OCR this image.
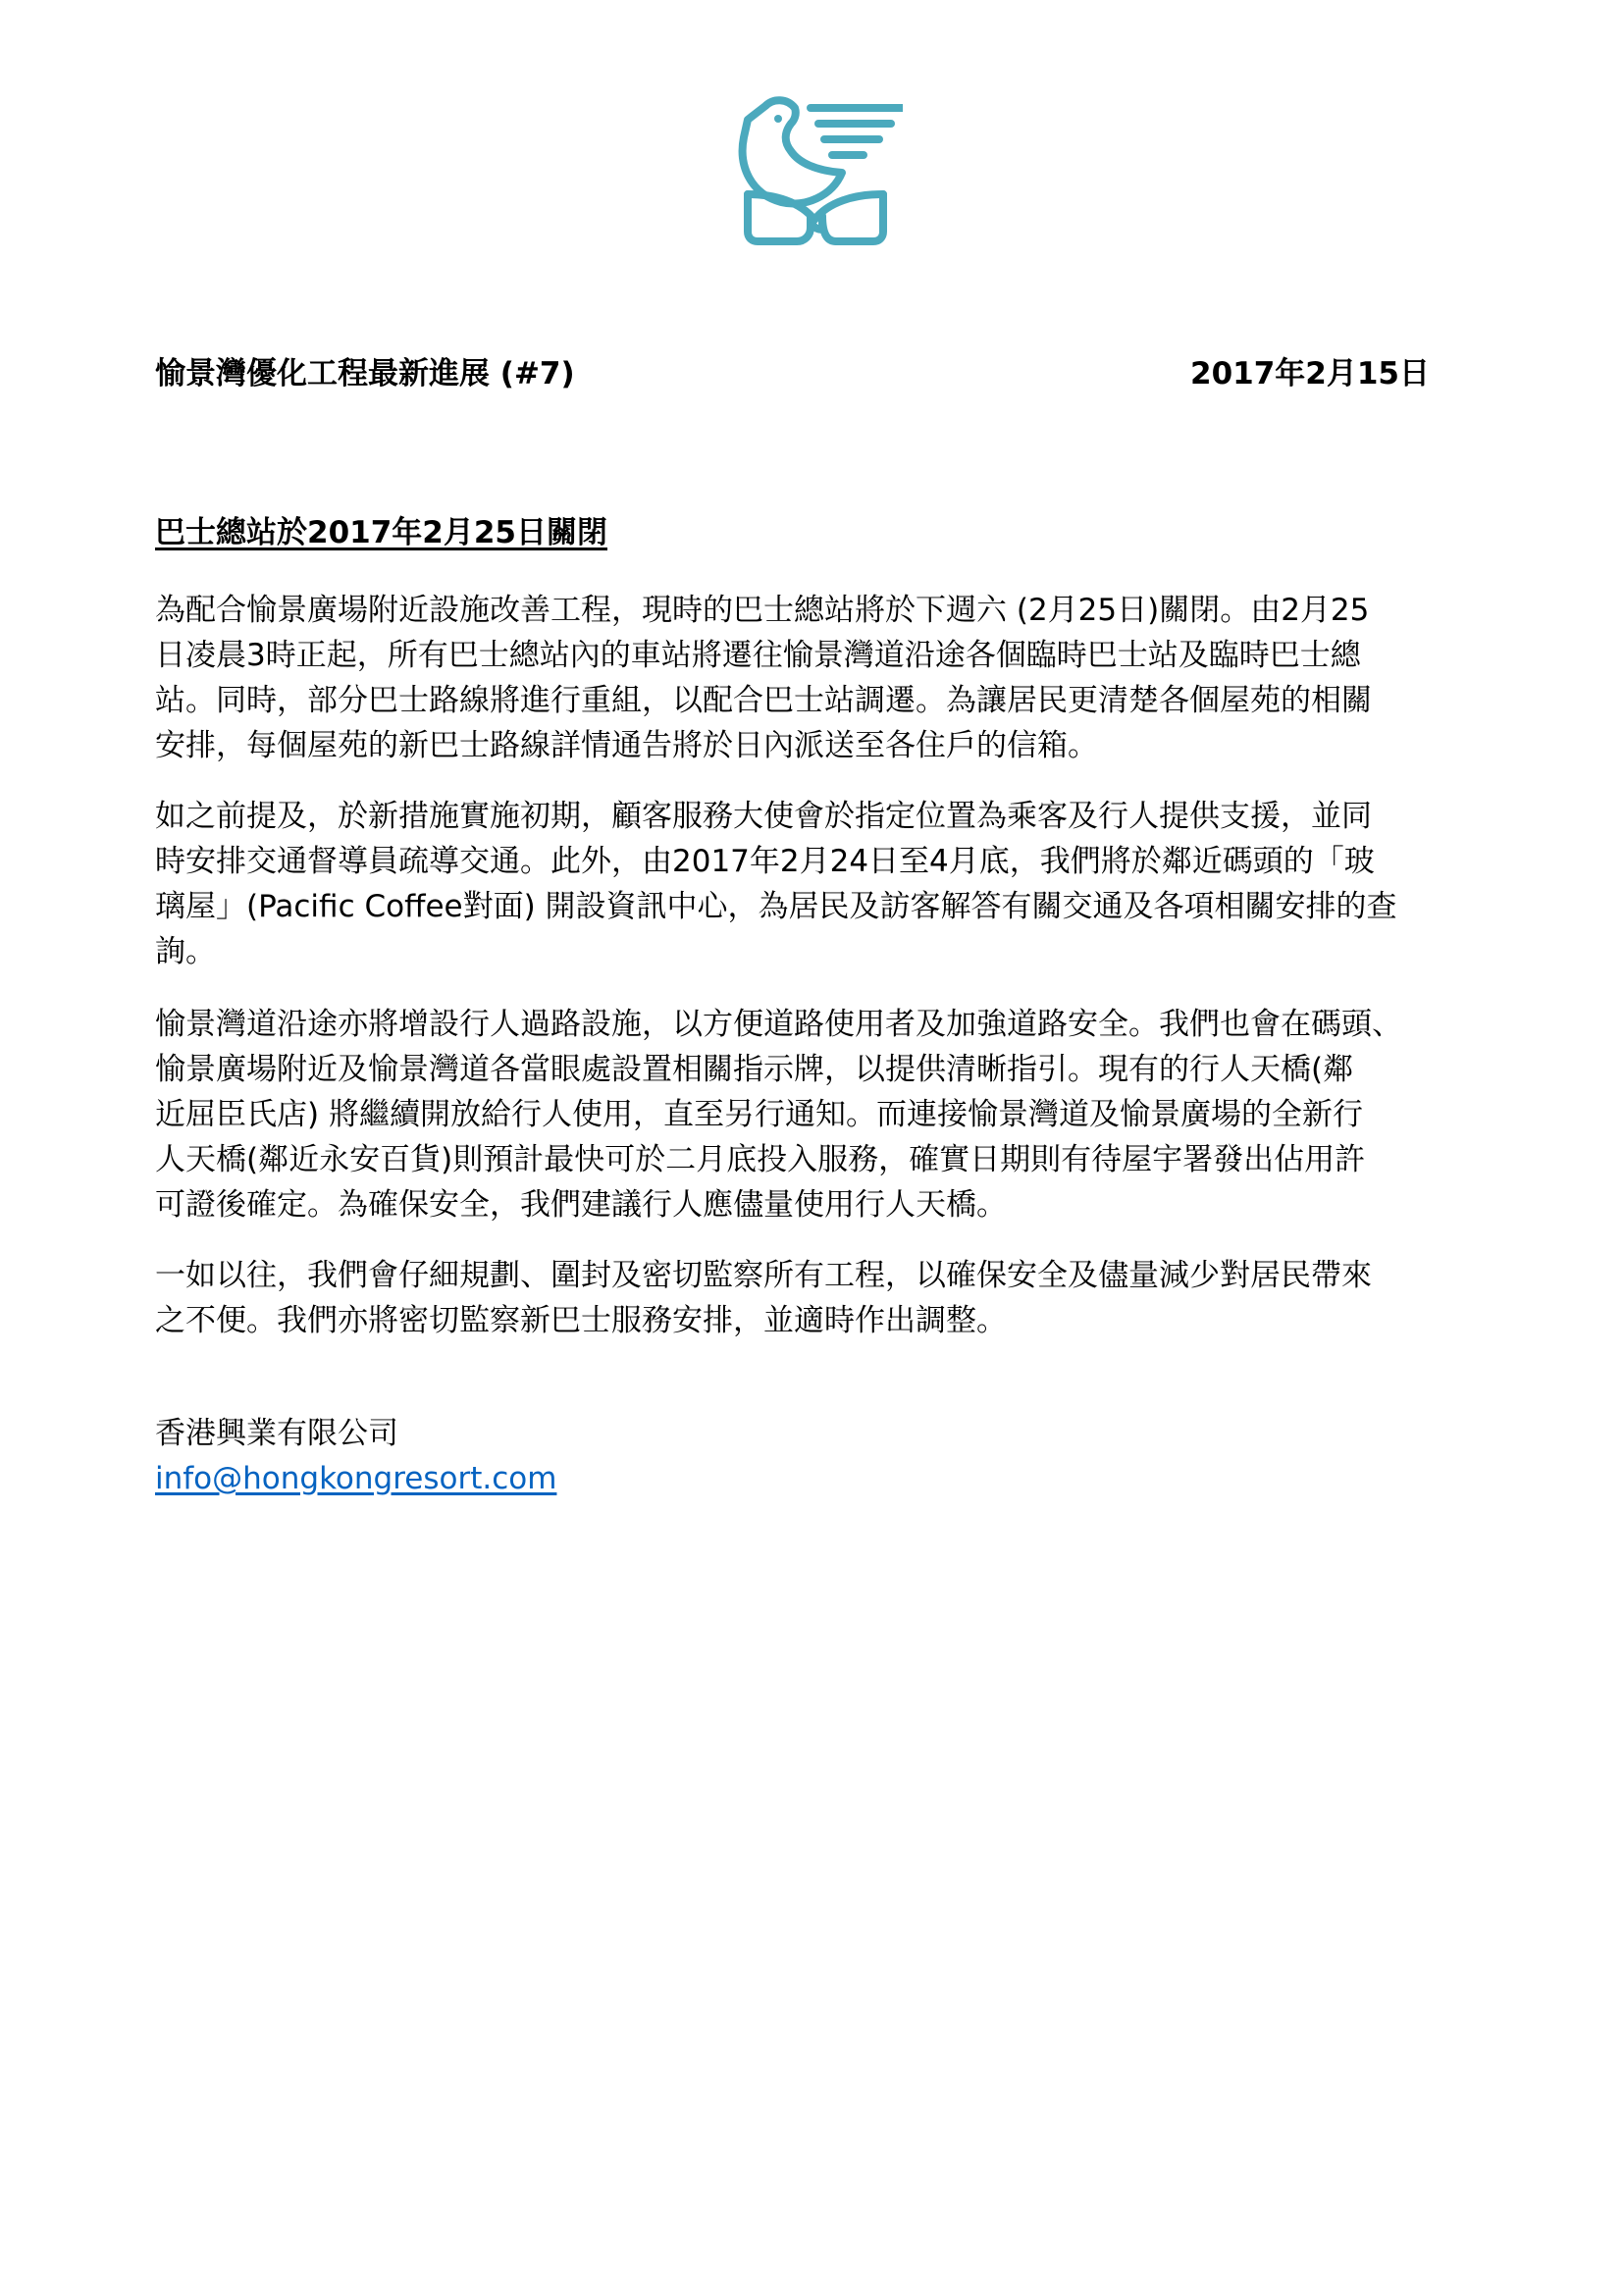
愉景灣優化工程最新進展 (#7)	2017年2月15日
巴士總站於2017年2月25日關閉
為配合愉景廣場附近設施改善工程，現時的巴士總站將於下週六 (2月25日)關閉。由2月25
日凌晨3時正起，所有巴士總站內的車站將遷往愉景灣道沿途各個臨時巴士站及臨時巴士總
站。同時，部分巴士路線將進行重組，以配合巴士站調遷。為讓居民更清楚各個屋苑的相關
安排，每個屋苑的新巴士路線詳情通告將於日內派送至各住戶的信箱。
如之前提及，於新措施實施初期，顧客服務大使會於指定位置為乘客及行人提供支援，並同
時安排交通督導員疏導交通。此外，由2017年2月24日至4月底，我們將於鄰近碼頭的「玻
璃屋」(Pacific Coffee對面) 開設資訊中心，為居民及訪客解答有關交通及各項相關安排的查
詢。
愉景灣道沿途亦將增設行人過路設施，以方便道路使用者及加強道路安全。我們也會在碼頭、
愉景廣場附近及愉景灣道各當眼處設置相關指示牌，以提供清晰指引。現有的行人天橋(鄰
近屈臣氏店) 將繼續開放給行人使用，直至另行通知。而連接愉景灣道及愉景廣場的全新行
人天橋(鄰近永安百貨)則預計最快可於二月底投入服務，確實日期則有待屋宇署發出佔用許
可證後確定。為確保安全，我們建議行人應儘量使用行人天橋。
一如以往，我們會仔細規劃、圍封及密切監察所有工程，以確保安全及儘量減少對居民帶來
之不便。我們亦將密切監察新巴士服務安排，並適時作出調整。
香港興業有限公司
info@hongkongresort.com
